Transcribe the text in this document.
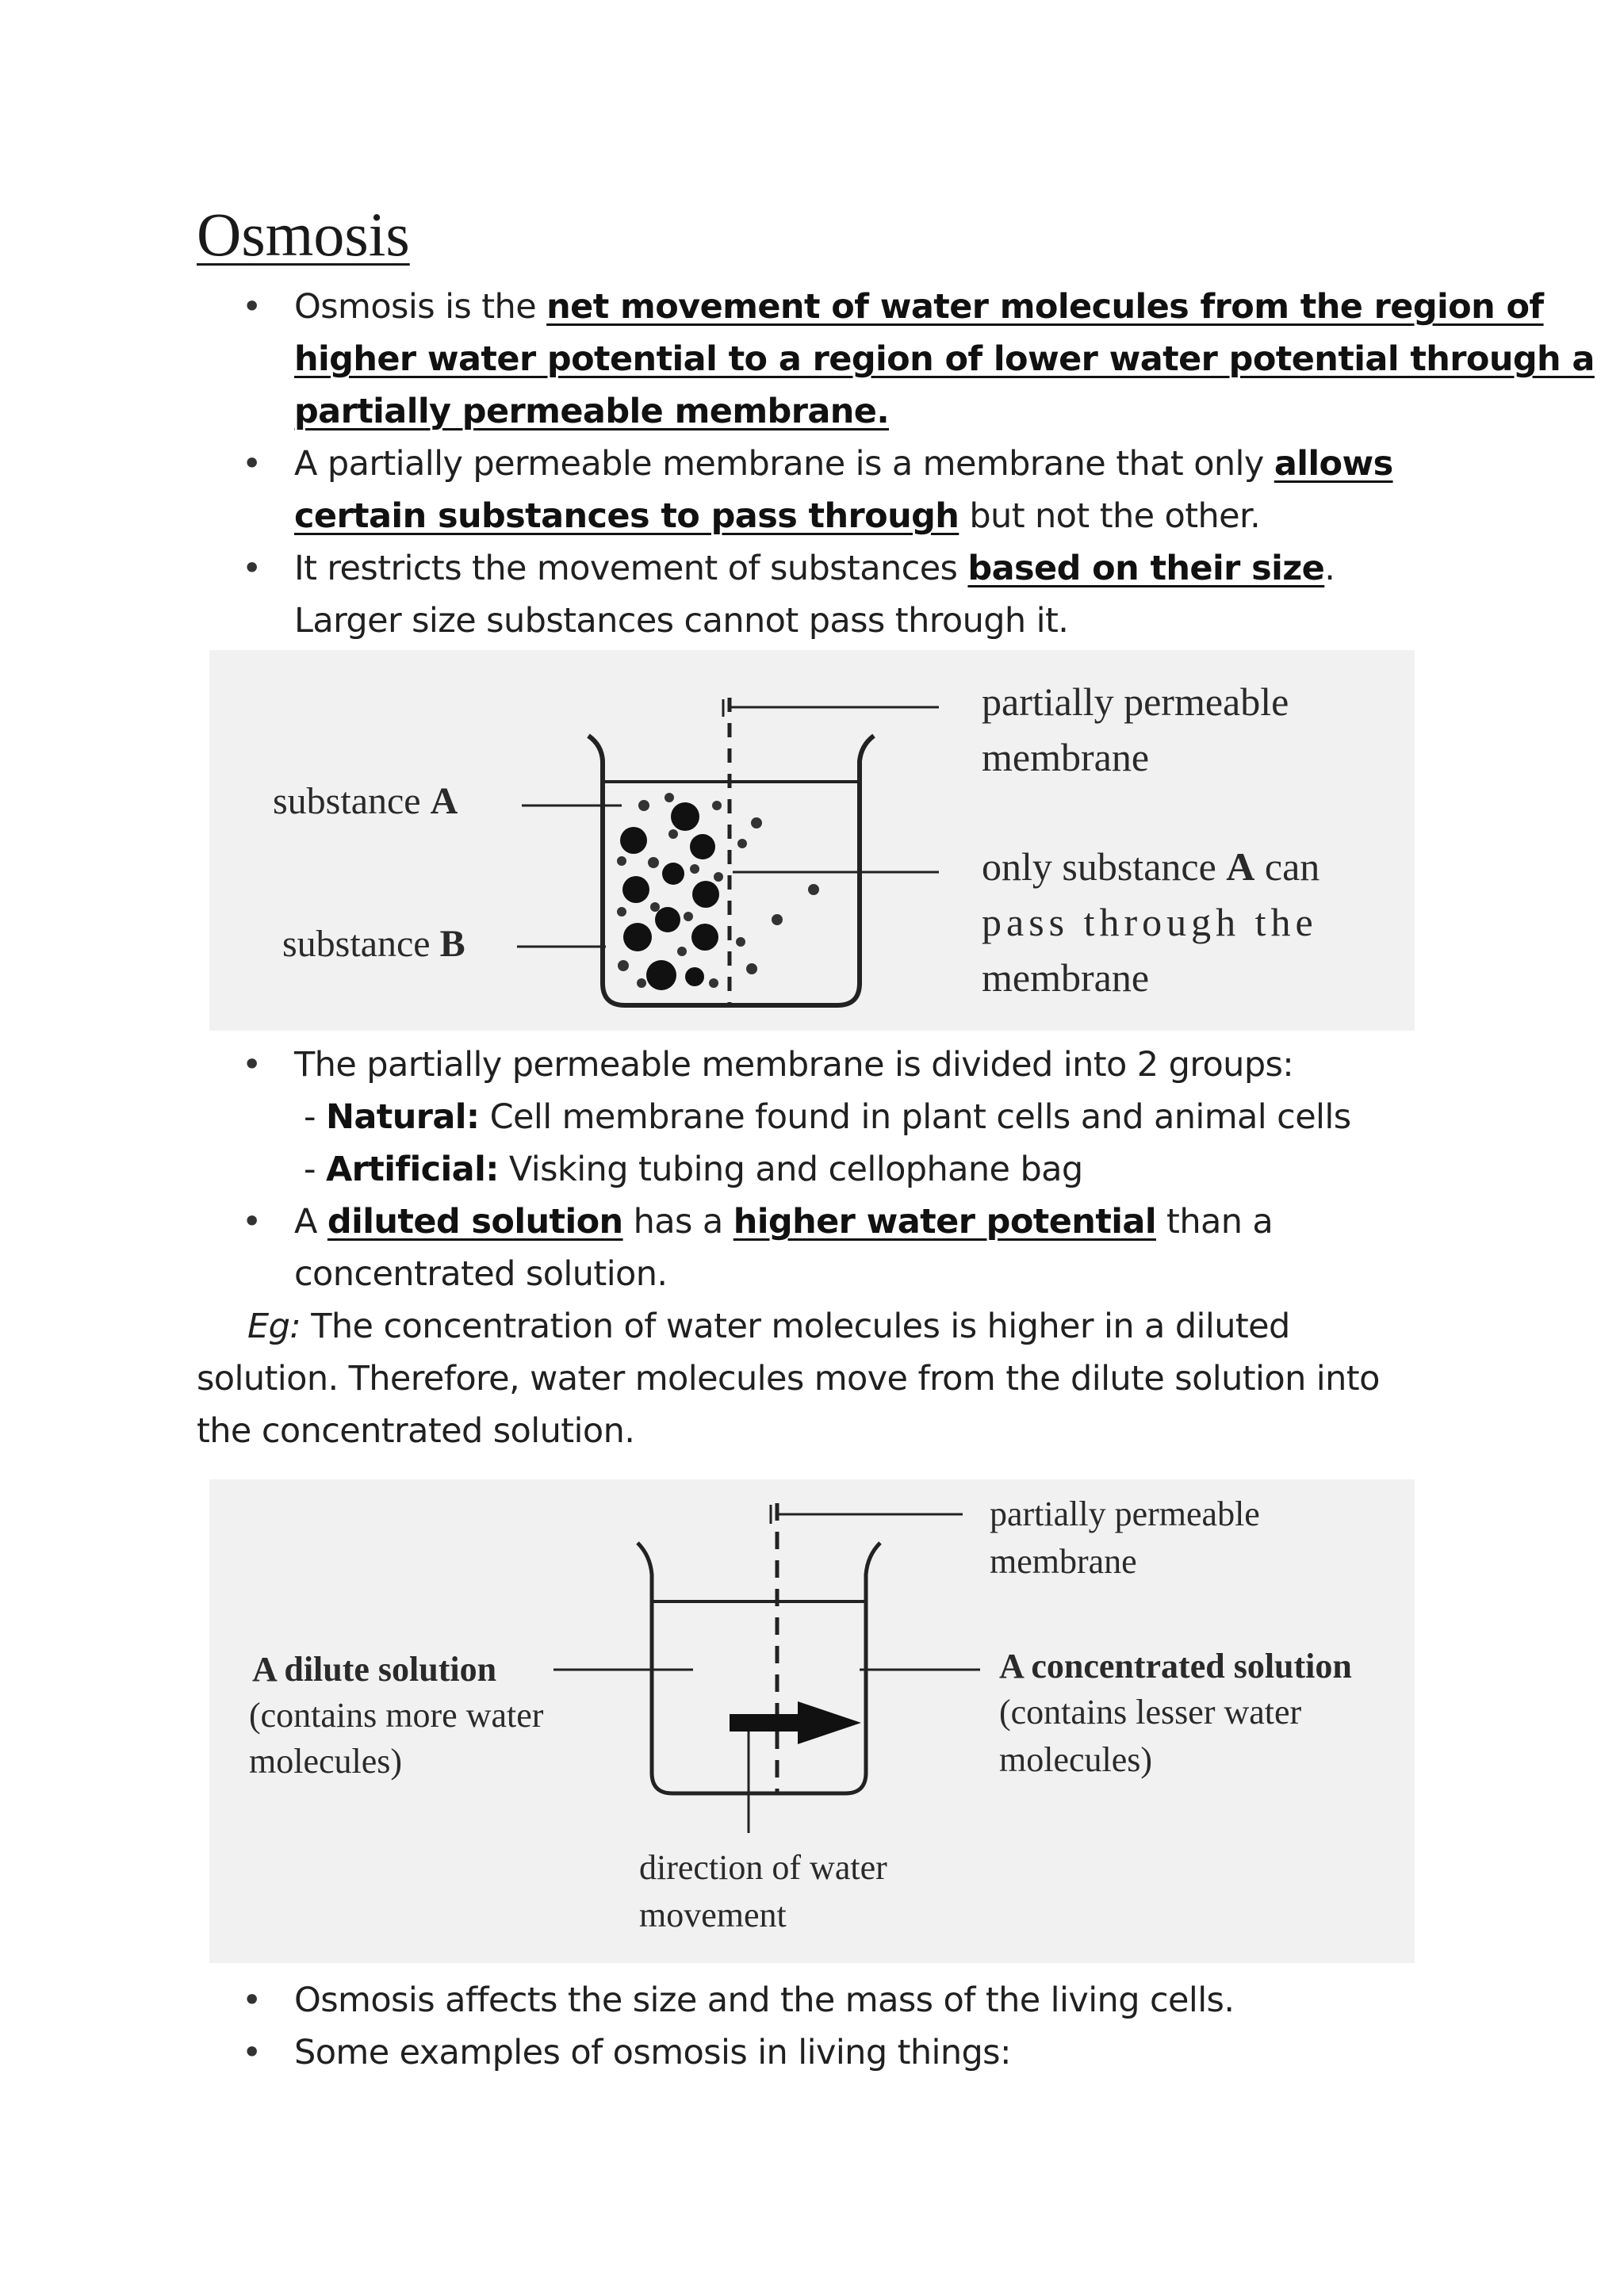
Osmosis
• Osmosis is the net movement of water molecules from the region of
higher water potential to a region of lower water potential through a
partially permeable membrane.
• A partially permeable membrane is a membrane that only allows
certain substances to pass through but not the other.
• It restricts the movement of substances based on their size.
Larger size substances cannot pass through it.
substance A
substance B
partially permeable
membrane
only substance A can
pass through the
membrane
• The partially permeable membrane is divided into 2 groups:
- Natural: Cell membrane found in plant cells and animal cells
- Artificial: Visking tubing and cellophane bag
• A diluted solution has a higher water potential than a
concentrated solution.
Eg: The concentration of water molecules is higher in a diluted
solution. Therefore, water molecules move from the dilute solution into
the concentrated solution.
partially permeable
membrane
A dilute solution
(contains more water
molecules)
A concentrated solution
(contains lesser water
molecules)
direction of water
movement
• Osmosis affects the size and the mass of the living cells.
• Some examples of osmosis in living things:
